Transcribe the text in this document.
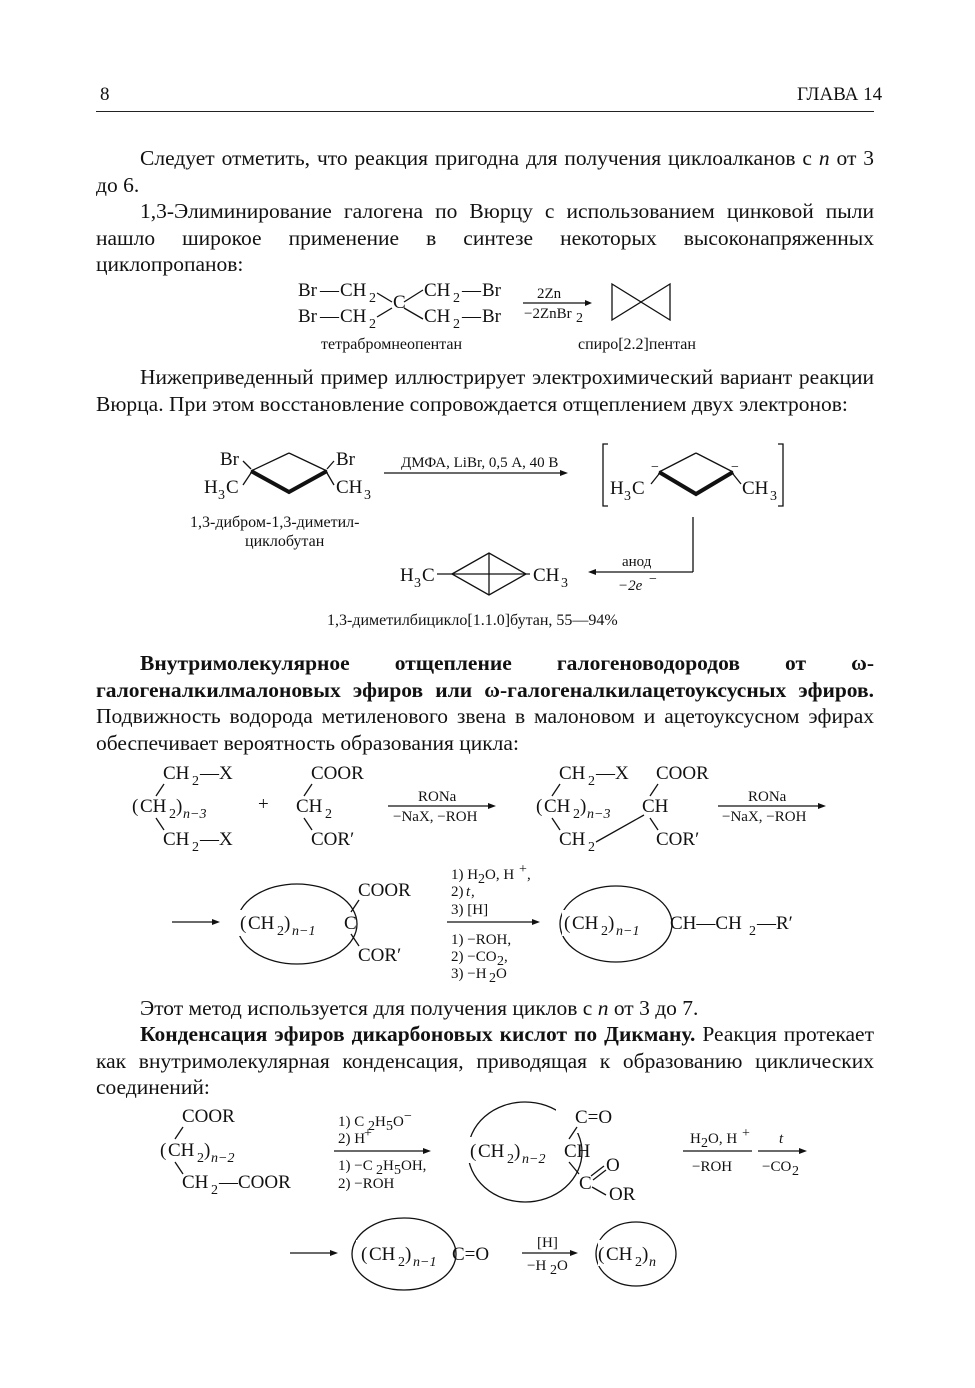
8	ГЛАВА 14

Следует отметить, что реакция пригодна для получения циклоалканов с n от 3 до 6.

1,3-Элиминирование галогена по Вюрцу с использованием цинковой пыли нашло широкое применение в синтезе некоторых высоконапряженных циклопропанов:

Br — CH 2
Br — CH 2
C
CH 2 — Br
CH 2 — Br
2Zn
−2ZnBr 2
тетрабромнеопентан	спиро[2.2]пентан

Нижеприведенный пример иллюстрирует электрохимический вариант реакции Вюрца. При этом восстановление сопровождается отщеплением двух электронов:

Br	Br
H 3 C	CH 3
ДМФА, LiBr, 0,5 А, 40 В
1,3-дибром-1,3-диметил-
циклобутан
H 3 C	CH 3
−	−
анод
−2e −
H 3 C	CH 3
1,3-диметилбицикло[1.1.0]бутан, 55—94%

Внутримолекулярное отщепление галогеноводородов от ω-галогеналкилмалоновых эфиров или ω-галогеналкилацетоуксусных эфиров. Подвижность водорода метиленового звена в малоновом и ацетоуксусном эфирах обеспечивает вероятность образования цикла:

CH 2 —X
CH
( 2 ) n−3
CH 2 —X
+
COOR
CH 2
COR′
RONa
−NaX, −ROH
CH 2 —X COOR
( CH 2 ) n−3 CH
CH 2	COR′
RONa
−NaX, −ROH
( CH 2 ) n−1 C
COOR
COR′
1) H 2 O, H + ,
2) t ,
3) [H]
1) −ROH,
2) −CO 2 ,
3) −H 2 O
( CH 2 ) n−1 CH—CH 2 —R′

Этот метод используется для получения циклов с n от 3 до 7.

Конденсация эфиров дикарбоновых кислот по Дикману. Реакция протекает как внутримолекулярная конденсация, приводящая к образованию циклических соединений:

COOR
( CH 2 ) n−2
CH 2 —COOR
1) C 2 H 5 O −
2) H
+
1) −C 2 H 5 OH,
2) −ROH
( CH 2 ) n−2
C=O
CH
C
O
OR
H 2 O, H +
−ROH
t
−CO 2
( CH 2 ) n−1 C=O
[H]
−H 2 O
( CH 2 ) n
